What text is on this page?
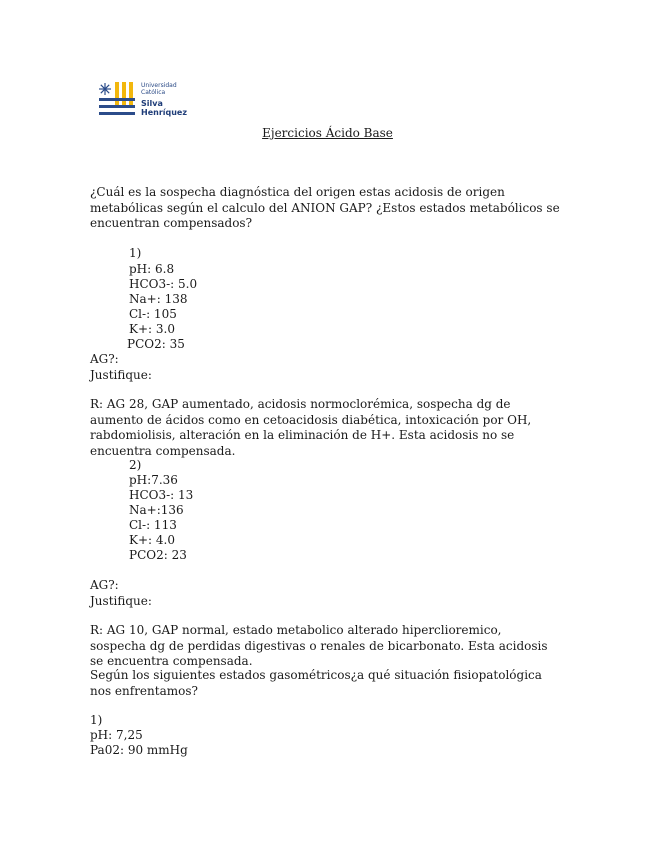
Universidad
Católica
Silva
Henríquez
Ejercicios Ácido Base
¿Cuál es la sospecha diagnóstica del origen estas acidosis de origen metabólicas según el calculo del ANION GAP? ¿Estos estados metabólicos se encuentran compensados?
1)
pH: 6.8
HCO3-: 5.0
Na+: 138
Cl-: 105
K+: 3.0
PCO2: 35
AG?:
Justifique:
R: AG 28, GAP aumentado, acidosis normoclorémica, sospecha dg de aumento de ácidos como en cetoacidosis diabética, intoxicación por OH, rabdomiolisis, alteración en la eliminación de H+. Esta acidosis no se encuentra compensada.
2)
pH:7.36
HCO3-: 13
Na+:136
Cl-: 113
K+: 4.0
PCO2: 23
AG?:
Justifique:
R: AG 10, GAP normal, estado metabolico alterado hiperclioremico, sospecha dg de perdidas digestivas o renales de bicarbonato. Esta acidosis se encuentra compensada.
Según los siguientes estados gasométricos¿a qué situación fisiopatológica nos enfrentamos?
1)
pH: 7,25
Pa02: 90 mmHg
